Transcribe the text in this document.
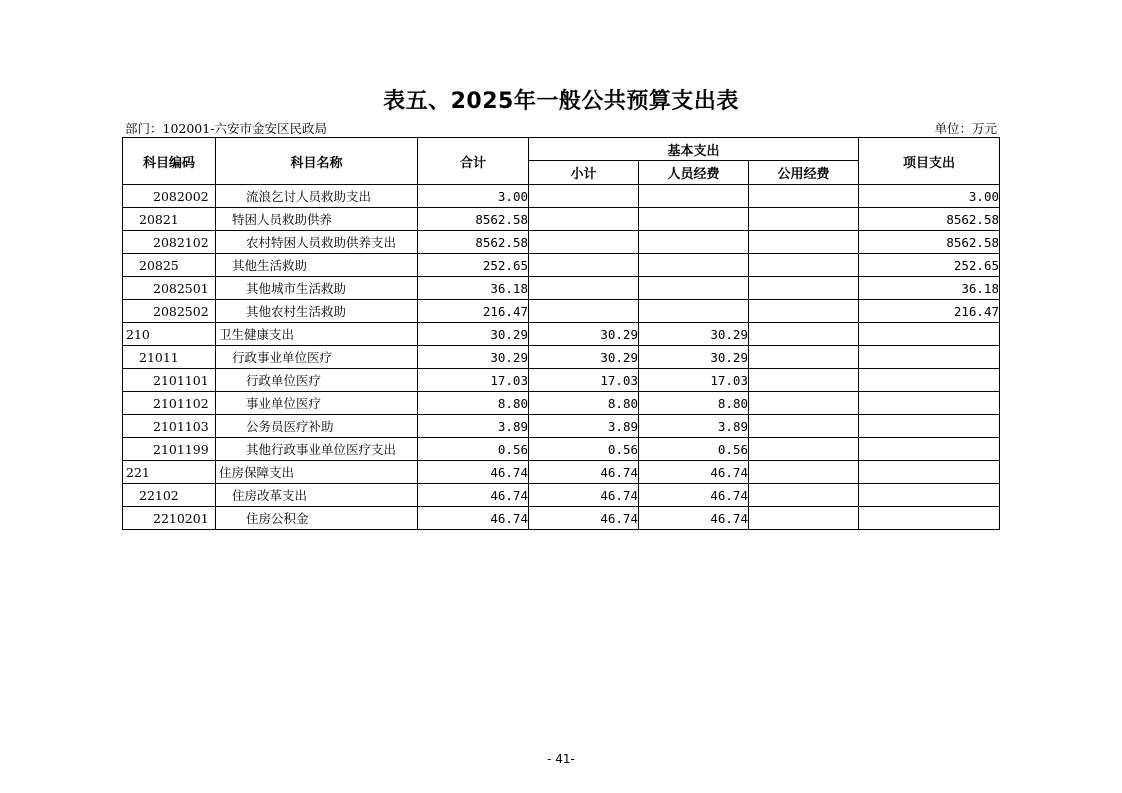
表五、2025年一般公共预算支出表
部门：102001-六安市金安区民政局	单位：万元
科目编码	科目名称	合计	基本支出			项目支出
			小计	人员经费	公用经费	
2082002	流浪乞讨人员救助支出	3.00				3.00
20821	特困人员救助供养	8562.58				8562.58
2082102	农村特困人员救助供养支出	8562.58				8562.58
20825	其他生活救助	252.65				252.65
2082501	其他城市生活救助	36.18				36.18
2082502	其他农村生活救助	216.47				216.47
210	卫生健康支出	30.29	30.29	30.29		
21011	行政事业单位医疗	30.29	30.29	30.29		
2101101	行政单位医疗	17.03	17.03	17.03		
2101102	事业单位医疗	8.80	8.80	8.80		
2101103	公务员医疗补助	3.89	3.89	3.89		
2101199	其他行政事业单位医疗支出	0.56	0.56	0.56		
221	住房保障支出	46.74	46.74	46.74		
22102	住房改革支出	46.74	46.74	46.74		
2210201	住房公积金	46.74	46.74	46.74		
- 41-
